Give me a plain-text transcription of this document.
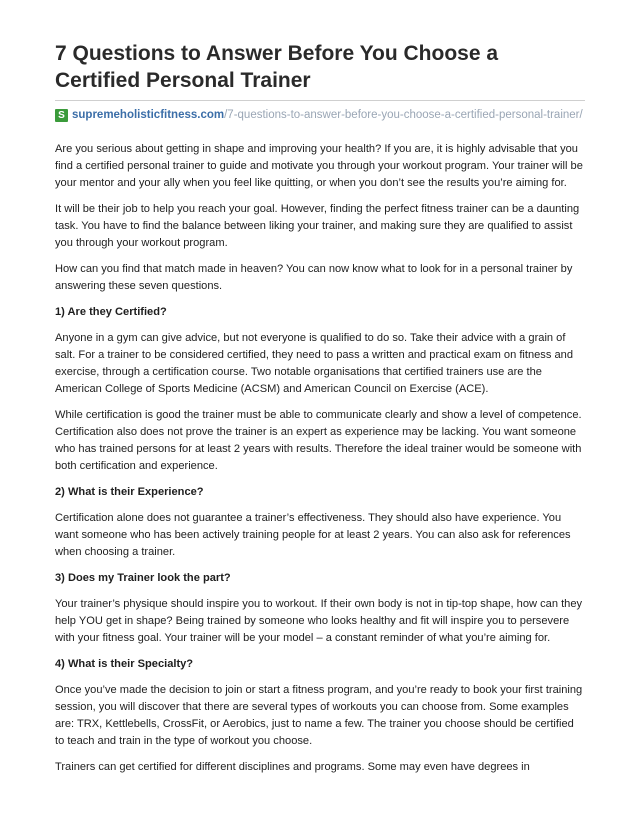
7 Questions to Answer Before You Choose a Certified Personal Trainer
S supremeholisticfitness.com /7-questions-to-answer-before-you-choose-a-certified-personal-trainer/

Are you serious about getting in shape and improving your health? If you are, it is highly advisable that you find a certified personal trainer to guide and motivate you through your workout program. Your trainer will be your mentor and your ally when you feel like quitting, or when you don’t see the results you’re aiming for.

It will be their job to help you reach your goal. However, finding the perfect fitness trainer can be a daunting task. You have to find the balance between liking your trainer, and making sure they are qualified to assist you through your workout program.

How can you find that match made in heaven? You can now know what to look for in a personal trainer by answering these seven questions.

1) Are they Certified?

Anyone in a gym can give advice, but not everyone is qualified to do so. Take their advice with a grain of salt. For a trainer to be considered certified, they need to pass a written and practical exam on fitness and exercise, through a certification course. Two notable organisations that certified trainers use are the American College of Sports Medicine (ACSM) and American Council on Exercise (ACE).

While certification is good the trainer must be able to communicate clearly and show a level of competence. Certification also does not prove the trainer is an expert as experience may be lacking. You want someone who has trained persons for at least 2 years with results. Therefore the ideal trainer would be someone with both certification and experience.

2) What is their Experience?

Certification alone does not guarantee a trainer’s effectiveness. They should also have experience. You want someone who has been actively training people for at least 2 years. You can also ask for references when choosing a trainer.

3) Does my Trainer look the part?

Your trainer’s physique should inspire you to workout. If their own body is not in tip-top shape, how can they help YOU get in shape? Being trained by someone who looks healthy and fit will inspire you to persevere with your fitness goal. Your trainer will be your model – a constant reminder of what you’re aiming for.

4) What is their Specialty?

Once you’ve made the decision to join or start a fitness program, and you’re ready to book your first training session, you will discover that there are several types of workouts you can choose from. Some examples are: TRX, Kettlebells, CrossFit, or Aerobics, just to name a few. The trainer you choose should be certified to teach and train in the type of workout you choose.

Trainers can get certified for different disciplines and programs. Some may even have degrees in
